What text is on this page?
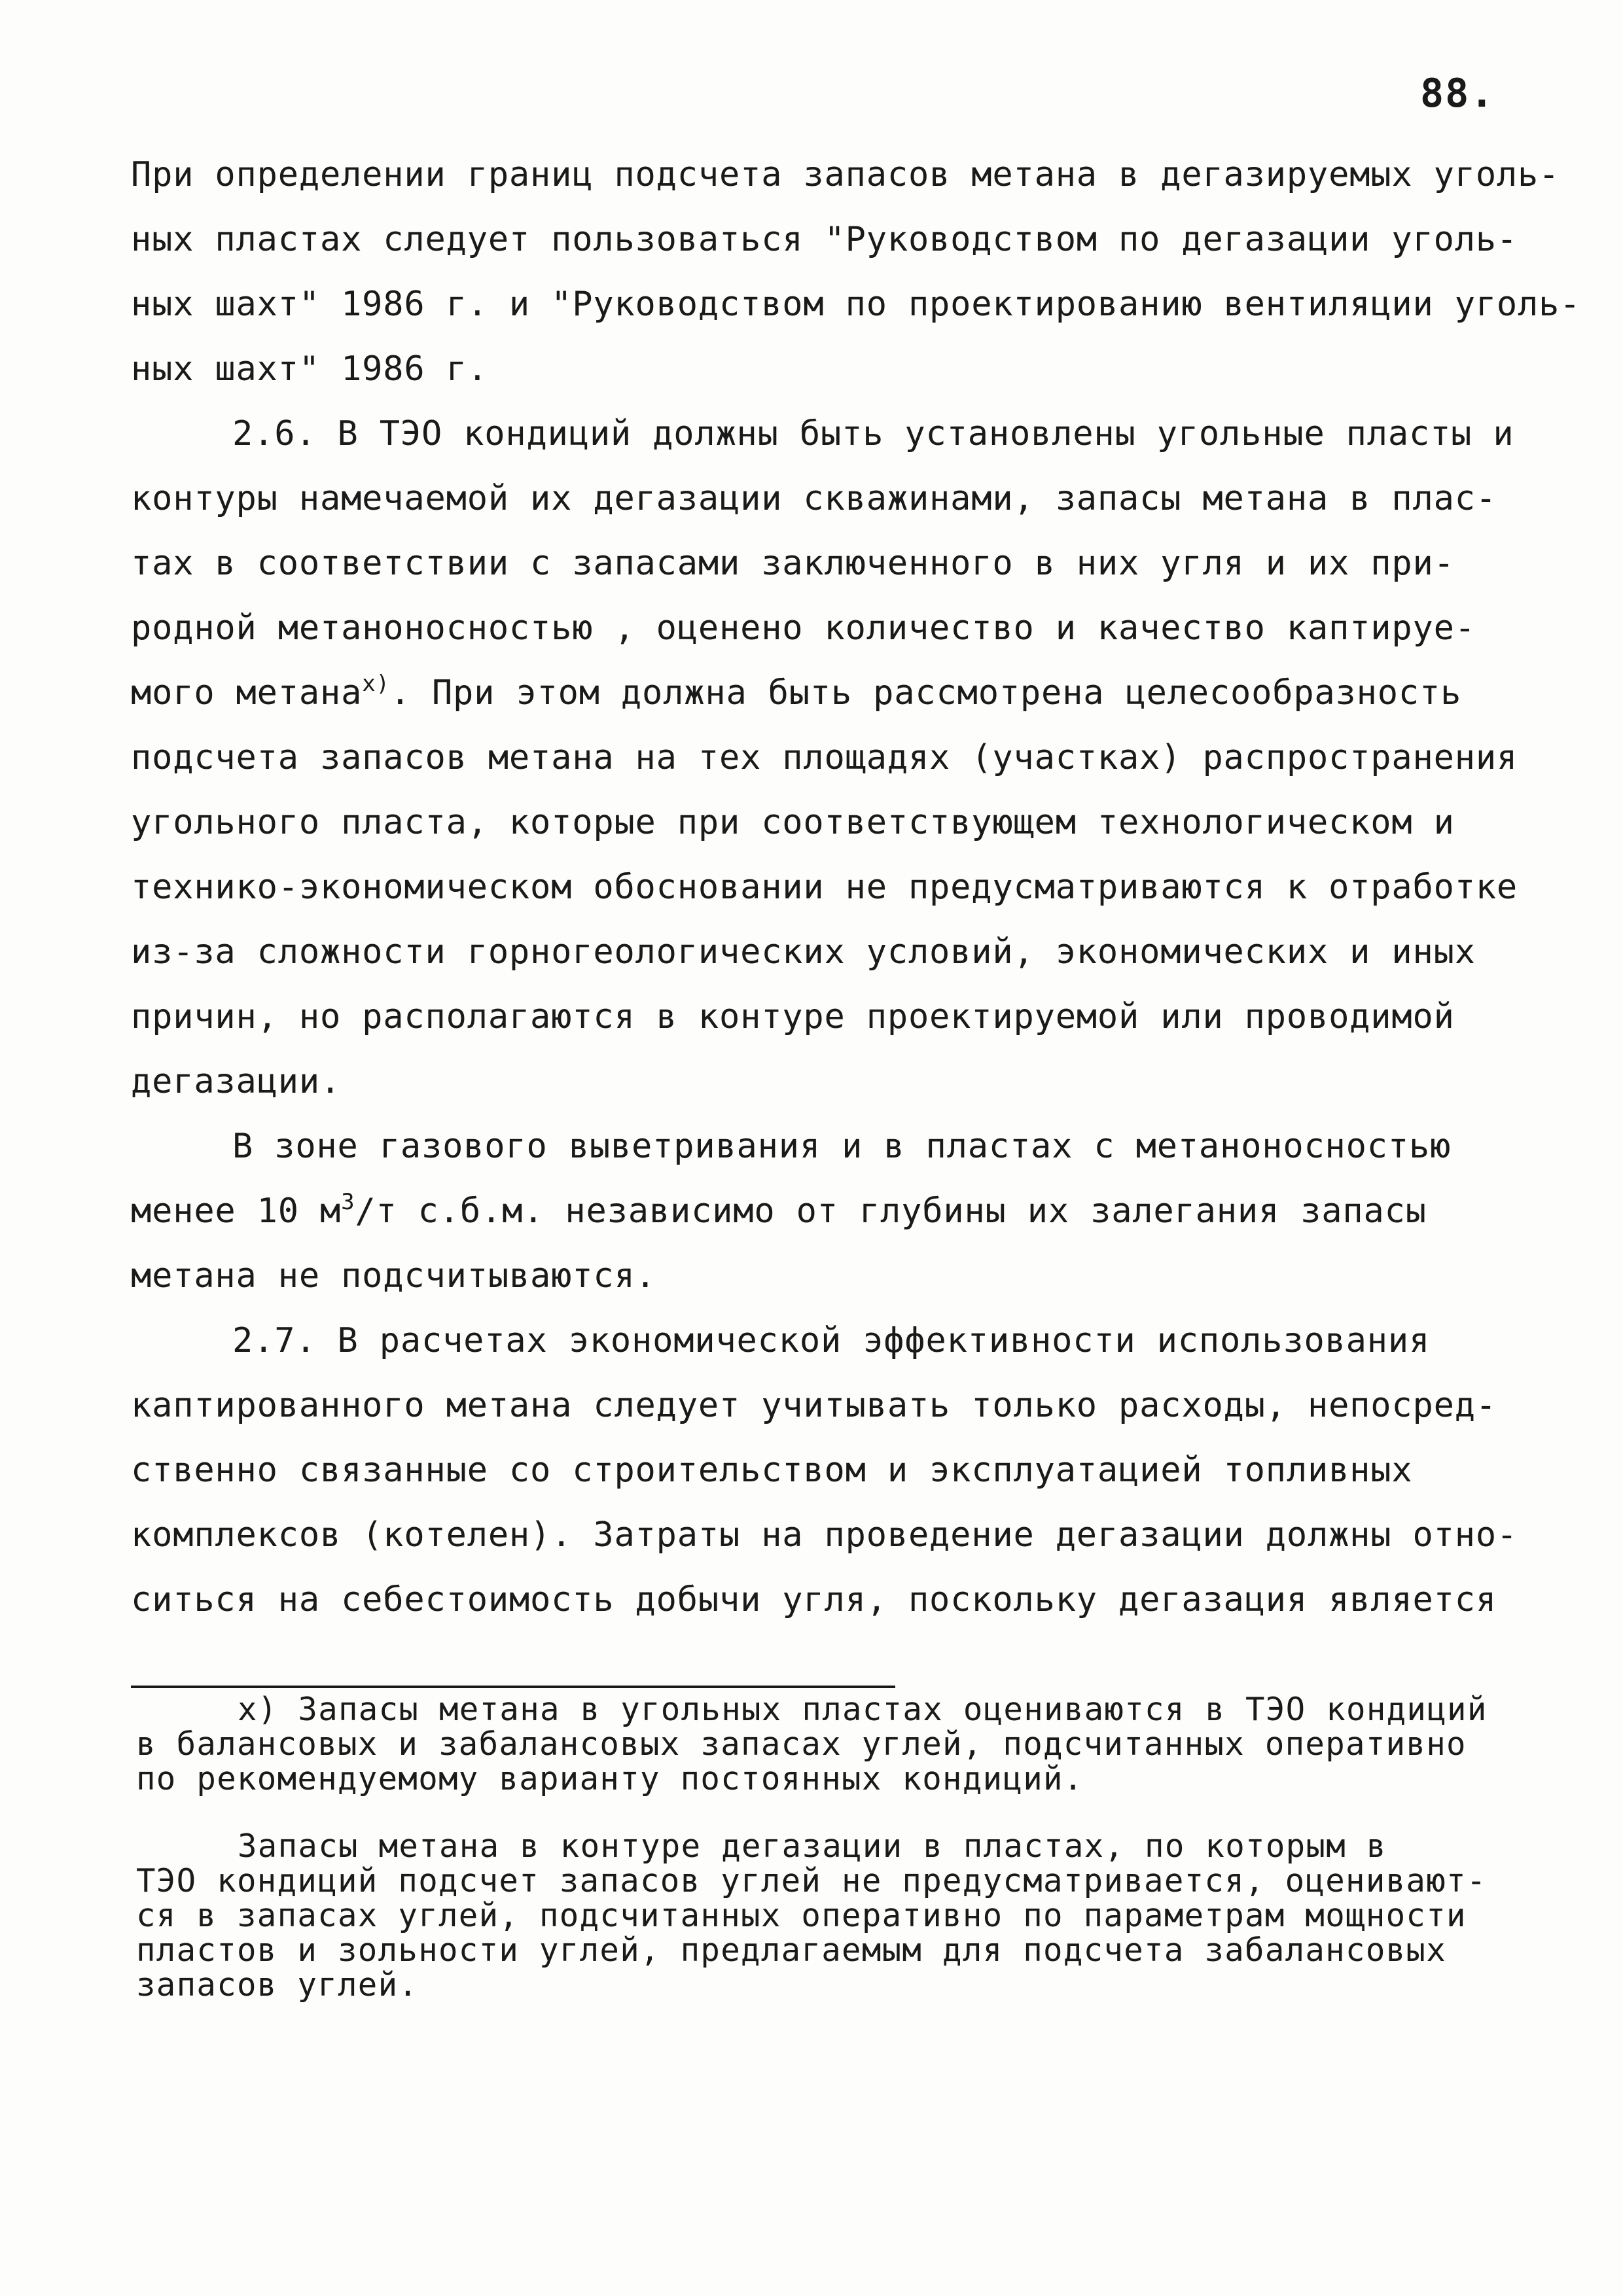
88.
При определении границ подсчета запасов метана в дегазируемых уголь-
ных пластах следует пользоваться "Руководством по дегазации уголь-
ных шахт" 1986 г. и "Руководством по проектированию вентиляции уголь-
ных шахт" 1986 г.
2.6. В ТЭО кондиций должны быть установлены угольные пласты и
контуры намечаемой их дегазации скважинами, запасы метана в плас-
тах в соответствии с запасами заключенного в них угля и их при-
родной метаноносностью , оценено количество и качество каптируе-
мого метана$^{х)}$. При этом должна быть рассмотрена целесообразность
подсчета запасов метана на тех площадях (участках) распространения
угольного пласта, которые при соответствующем технологическом и
технико-экономическом обосновании не предусматриваются к отработке
из-за сложности горногеологических условий, экономических и иных
причин, но располагаются в контуре проектируемой или проводимой
дегазации.
В зоне газового выветривания и в пластах с метаноносностью
менее 10 $м^3/т$ с.б.м. независимо от глубины их залегания запасы
метана не подсчитываются.
2.7. В расчетах экономической эффективности использования
каптированного метана следует учитывать только расходы, непосред-
ственно связанные со строительством и эксплуатацией топливных
комплексов (котелен). Затраты на проведение дегазации должны отно-
ситься на себестоимость добычи угля, поскольку дегазация является
х) Запасы метана в угольных пластах оцениваются в ТЭО кондиций
в балансовых и забалансовых запасах углей, подсчитанных оперативно
по рекомендуемому варианту постоянных кондиций.
Запасы метана в контуре дегазации в пластах, по которым в
ТЭО кондиций подсчет запасов углей не предусматривается, оценивают-
ся в запасах углей, подсчитанных оперативно по параметрам мощности
пластов и зольности углей, предлагаемым для подсчета забалансовых
запасов углей.
